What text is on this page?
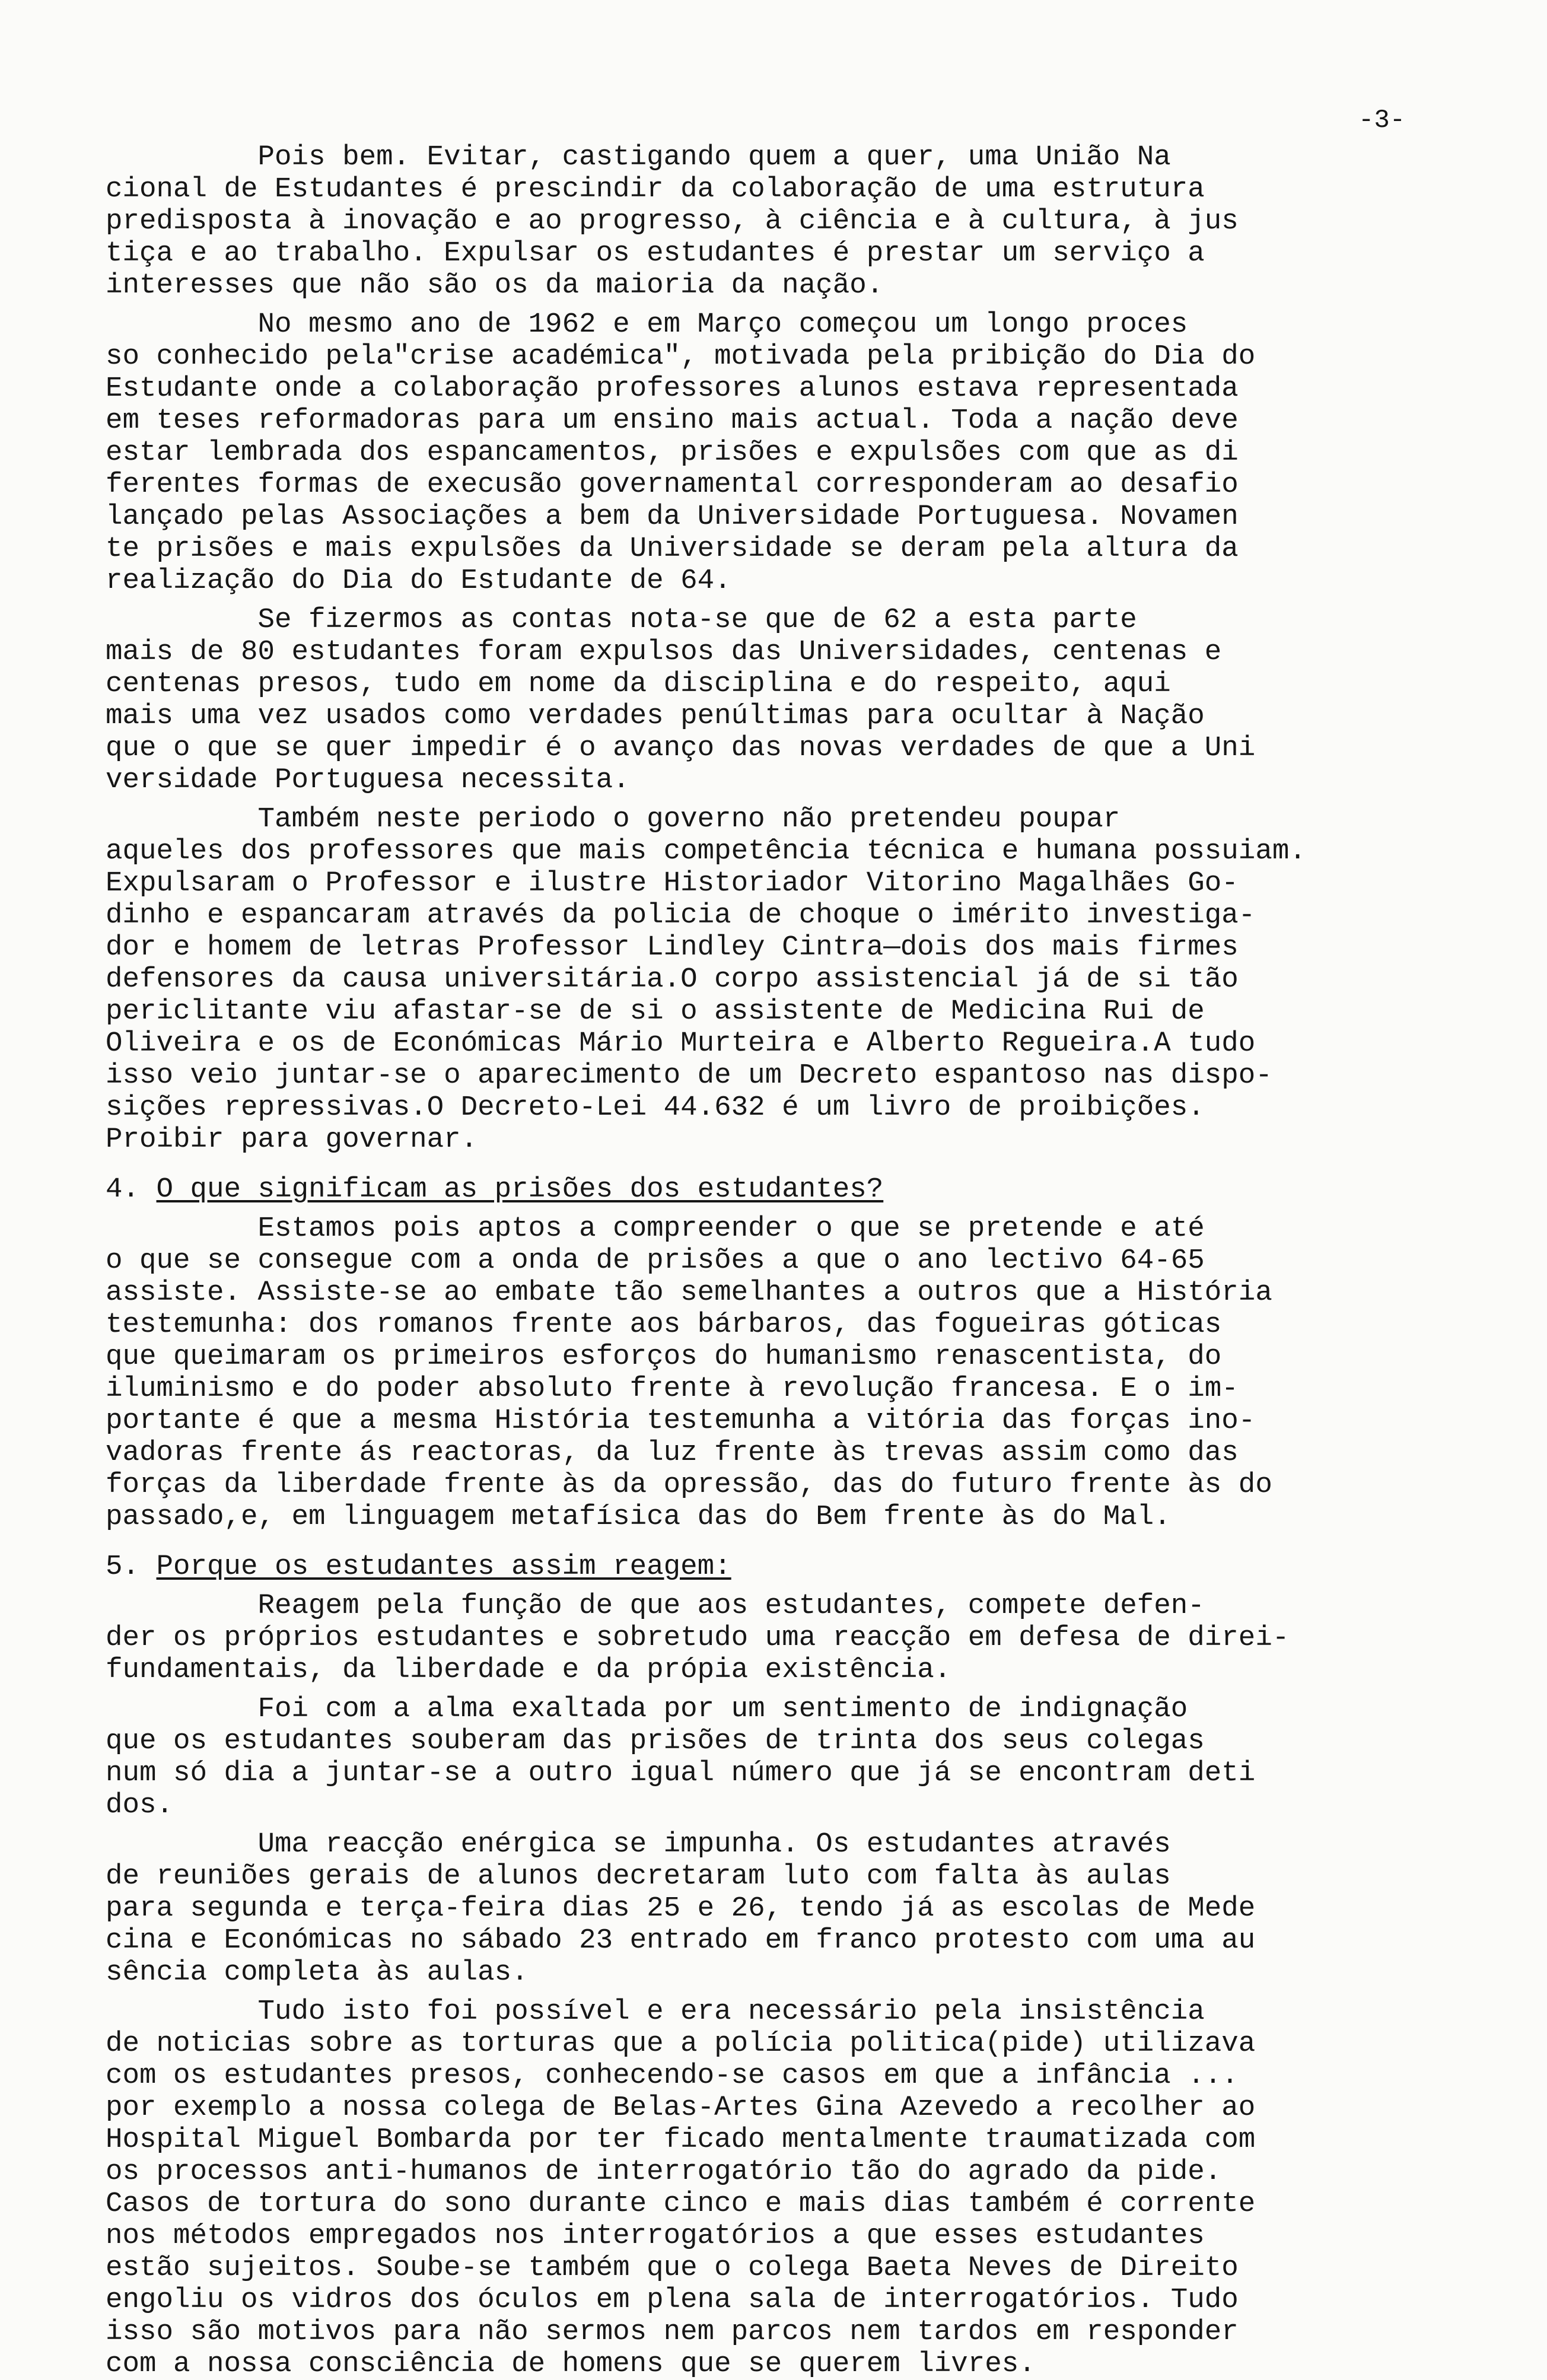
-3-
Pois bem. Evitar, castigando quem a quer, uma União Na
cional de Estudantes é prescindir da colaboração de uma estrutura
predisposta à inovação e ao progresso, à ciência e à cultura, à jus
tiça e ao trabalho. Expulsar os estudantes é prestar um serviço a
interesses que não são os da maioria da nação.
No mesmo ano de 1962 e em Março começou um longo proces
so conhecido pela"crise académica", motivada pela pribição do Dia do
Estudante onde a colaboração professores alunos estava representada
em teses reformadoras para um ensino mais actual. Toda a nação deve
estar lembrada dos espancamentos, prisões e expulsões com que as di
ferentes formas de execusão governamental corresponderam ao desafio
lançado pelas Associações a bem da Universidade Portuguesa. Novamen
te prisões e mais expulsões da Universidade se deram pela altura da
realização do Dia do Estudante de 64.
Se fizermos as contas nota-se que de 62 a esta parte
mais de 80 estudantes foram expulsos das Universidades, centenas e
centenas presos, tudo em nome da disciplina e do respeito, aqui
mais uma vez usados como verdades penúltimas para ocultar à Nação
que o que se quer impedir é o avanço das novas verdades de que a Uni
versidade Portuguesa necessita.
Também neste periodo o governo não pretendeu poupar
aqueles dos professores que mais competência técnica e humana possuiam.
Expulsaram o Professor e ilustre Historiador Vitorino Magalhães Go-
dinho e espancaram através da policia de choque o imérito investiga-
dor e homem de letras Professor Lindley Cintra—dois dos mais firmes
defensores da causa universitária.O corpo assistencial já de si tão
periclitante viu afastar-se de si o assistente de Medicina Rui de
Oliveira e os de Económicas Mário Murteira e Alberto Regueira.A tudo
isso veio juntar-se o aparecimento de um Decreto espantoso nas dispo-
sições repressivas.O Decreto-Lei 44.632 é um livro de proibições.
Proibir para governar.
4. O que significam as prisões dos estudantes?
Estamos pois aptos a compreender o que se pretende e até
o que se consegue com a onda de prisões a que o ano lectivo 64-65
assiste. Assiste-se ao embate tão semelhantes a outros que a História
testemunha: dos romanos frente aos bárbaros, das fogueiras góticas
que queimaram os primeiros esforços do humanismo renascentista, do
iluminismo e do poder absoluto frente à revolução francesa. E o im-
portante é que a mesma História testemunha a vitória das forças ino-
vadoras frente ás reactoras, da luz frente às trevas assim como das
forças da liberdade frente às da opressão, das do futuro frente às do
passado,e, em linguagem metafísica das do Bem frente às do Mal.
5. Porque os estudantes assim reagem:
Reagem pela função de que aos estudantes, compete defen-
der os próprios estudantes e sobretudo uma reacção em defesa de direi-
fundamentais, da liberdade e da própia existência.
Foi com a alma exaltada por um sentimento de indignação
que os estudantes souberam das prisões de trinta dos seus colegas
num só dia a juntar-se a outro igual número que já se encontram deti
dos.
Uma reacção enérgica se impunha. Os estudantes através
de reuniões gerais de alunos decretaram luto com falta às aulas
para segunda e terça-feira dias 25 e 26, tendo já as escolas de Mede
cina e Económicas no sábado 23 entrado em franco protesto com uma au
sência completa às aulas.
Tudo isto foi possível e era necessário pela insistência
de noticias sobre as torturas que a polícia politica(pide) utilizava
com os estudantes presos, conhecendo-se casos em que a infância ...
por exemplo a nossa colega de Belas-Artes Gina Azevedo a recolher ao
Hospital Miguel Bombarda por ter ficado mentalmente traumatizada com
os processos anti-humanos de interrogatório tão do agrado da pide.
Casos de tortura do sono durante cinco e mais dias também é corrente
nos métodos empregados nos interrogatórios a que esses estudantes
estão sujeitos. Soube-se também que o colega Baeta Neves de Direito
engoliu os vidros dos óculos em plena sala de interrogatórios. Tudo
isso são motivos para não sermos nem parcos nem tardos em responder
com a nossa consciência de homens que se querem livres.
